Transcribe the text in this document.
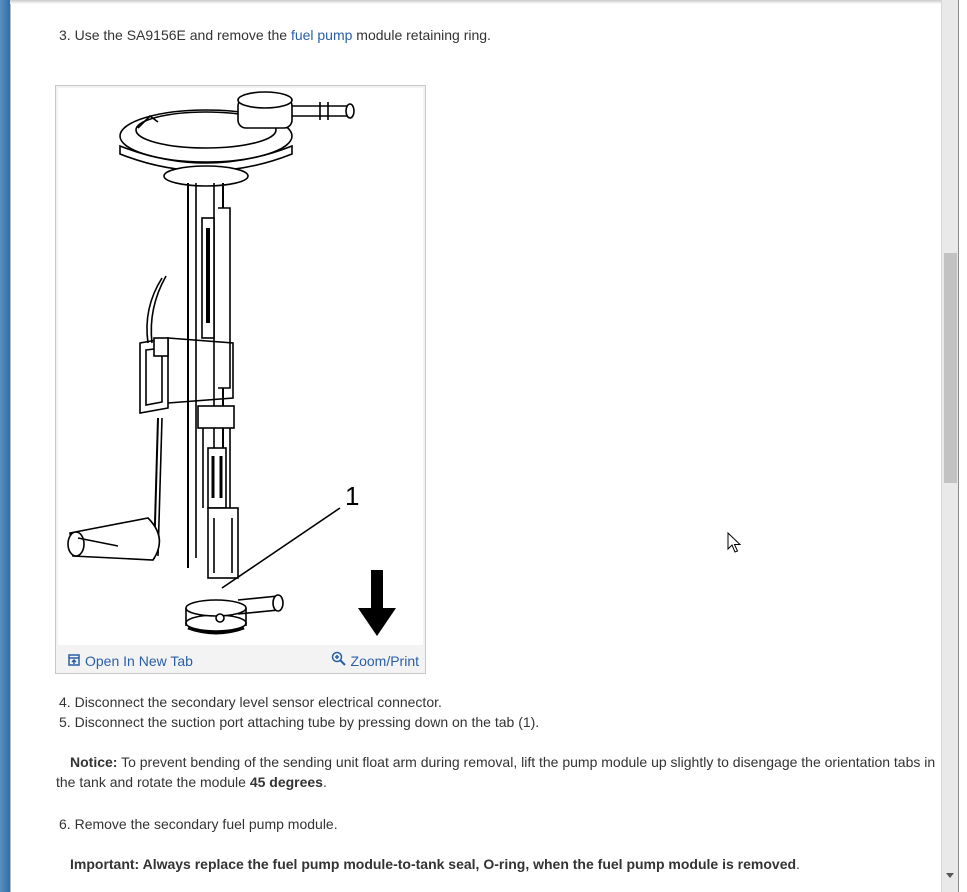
3. Use the SA9156E and remove the fuel pump module retaining ring.
1
Open In New Tab	Zoom/Print
4. Disconnect the secondary level sensor electrical connector.
5. Disconnect the suction port attaching tube by pressing down on the tab (1).
Notice: To prevent bending of the sending unit float arm during removal, lift the pump module up slightly to disengage the orientation tabs in the tank and rotate the module 45 degrees.
6. Remove the secondary fuel pump module.
Important: Always replace the fuel pump module-to-tank seal, O-ring, when the fuel pump module is removed.
